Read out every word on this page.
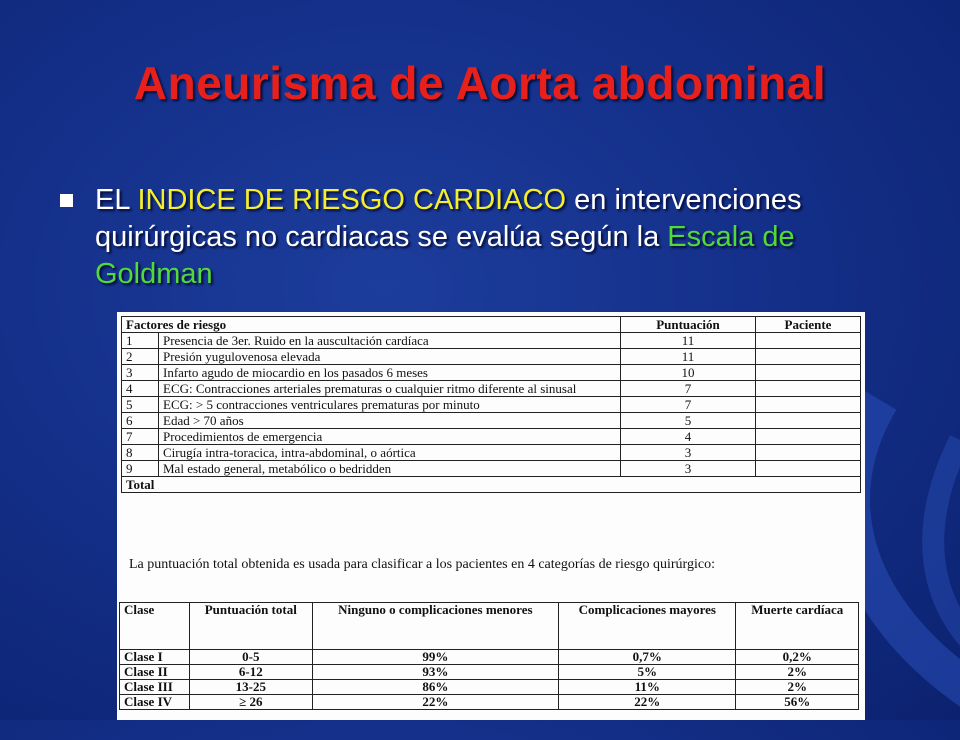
Aneurisma de Aorta abdominal
EL INDICE DE RIESGO CARDIACO en intervenciones quirúrgicas no cardiacas se evalúa según la Escala de Goldman
Factores de riesgo		Puntuación	Paciente
1	Presencia de 3er. Ruido en la auscultación cardíaca	11	
2	Presión yugulovenosa elevada	11	
3	Infarto agudo de miocardio en los pasados 6 meses	10	
4	ECG: Contracciones arteriales prematuras o cualquier ritmo diferente al sinusal	7	
5	ECG: > 5 contracciones ventriculares prematuras por minuto	7	
6	Edad > 70 años	5	
7	Procedimientos de emergencia	4	
8	Cirugía intra-toracica, intra-abdominal, o aórtica	3	
9	Mal estado general, metabólico o bedridden	3	
Total			
La puntuación total obtenida es usada para clasificar a los pacientes en 4 categorías de riesgo quirúrgico:
Clase	Puntuación total	Ninguno o complicaciones menores	Complicaciones mayores	Muerte cardíaca
Clase I	0-5	99%	0,7%	0,2%
Clase II	6-12	93%	5%	2%
Clase III	13-25	86%	11%	2%
Clase IV	≥ 26	22%	22%	56%
